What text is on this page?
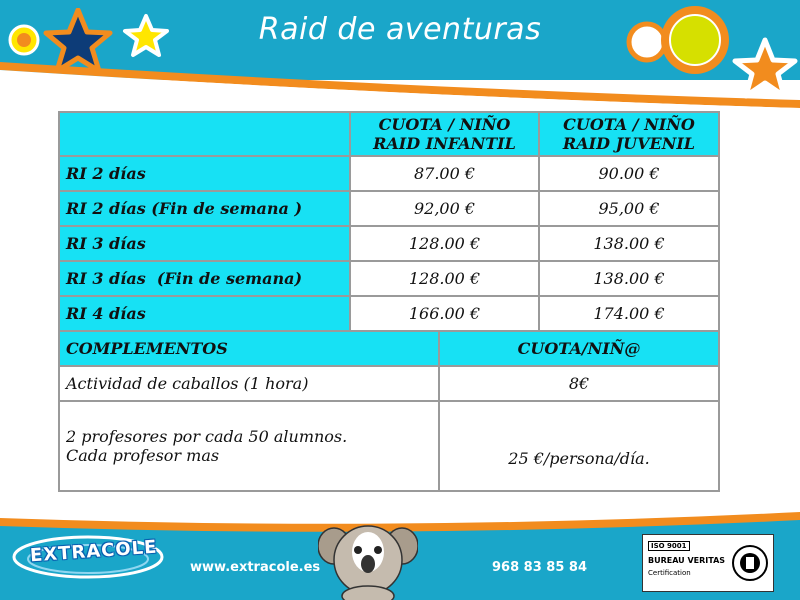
Raid de aventuras
	CUOTA / NIÑO RAID INFANTIL		CUOTA / NIÑO RAID JUVENIL
RI 2 días	87.00 €		90.00 €
RI 2 días (Fin de semana )	92,00 €		95,00 €
RI 3 días	128.00 €		138.00 €
RI 3 días  (Fin de semana)	128.00 €		138.00 €
RI 4 días	166.00 €		174.00 €
COMPLEMENTOS		CUOTA/NIÑ@	
Actividad de caballos (1 hora)		8€	

2 profesores por cada 50 alumnos.
Cada profesor mas		25 €/persona/día.	
EXTRACOLE
www.extracole.es	968 83 85 84
ISO 9001
BUREAU VERITAS
Certification
